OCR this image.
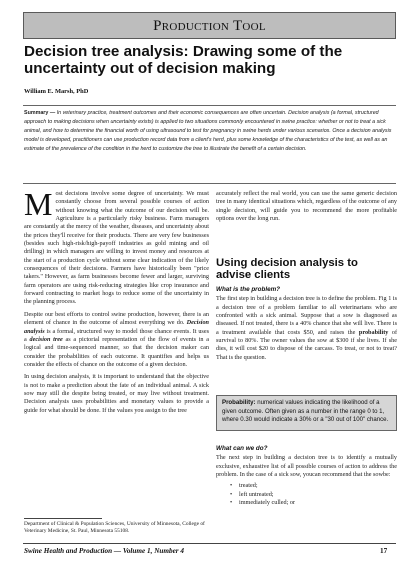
Production Tool
Decision tree analysis: Drawing some of the uncertainty out of decision making
William E. Marsh, PhD
Summary — In veterinary practice, treatment outcomes and their economic consequences are often uncertain. Decision analysis (a formal, structured approach to making decisions when uncertainty exists) is applied to two situations commonly encountered in swine practice: whether or not to treat a sick animal, and how to determine the financial worth of using ultrasound to test for pregnancy in swine herds under various scenarios. Once a decision analysis model is developed, practitioners can use production record data from a client's herd, plus some knowledge of the characteristics of the test, as well as an estimate of the prevalence of the condition in the herd to customize the tree to illustrate the benefit of a certain decision.

Most decisions involve some degree of uncertainty. We must constantly choose from several possible courses of action without knowing what the outcome of our decision will be. Agriculture is a particularly risky business. Farm managers are constantly at the mercy of the weather, diseases, and uncertainty about the prices they'll receive for their products. There are very few businesses (besides such high-risk/high-payoff industries as gold mining and oil drilling) in which managers are willing to invest money and resources at the start of a production cycle without some clear indication of the likely consequences of their decisions. Farmers have historically been "price takers." However, as farm businesses become fewer and larger, surviving farm operators are using risk-reducing strategies like crop insurance and forward contracting to market hogs to reduce some of the uncertainty in the planning process.

Despite our best efforts to control swine production, however, there is an element of chance in the outcome of almost everything we do. Decision analysis is a formal, structured way to model those chance events. It uses a decision tree as a pictorial representation of the flow of events in a logical and time-sequenced manner, so that the decision maker can consider the probabilities of each outcome. It quantifies and helps us consider the effects of chance on the outcome of a given decision.

In using decision analysis, it is important to understand that the objective is not to make a prediction about the fate of an individual animal. A sick sow may still die despite being treated, or may live without treatment. Decision analysis uses probabilities and monetary values to provide a guide for what should be done. If the values you assign to the tree

accurately reflect the real world, you can use the same generic decision tree in many identical situations which, regardless of the outcome of any single decision, will guide you to recommend the more profitable options over the long run.

Using decision analysis to advise clients
What is the problem?

The first step in building a decision tree is to define the problem. Fig 1 is a decision tree of a problem familiar to all veterinarians who are confronted with a sick animal. Suppose that a sow is diagnosed as diseased. If not treated, there is a 40% chance that she will live. There is a treatment available that costs $50, and raises the probability of survival to 80%. The owner values the sow at $300 if she lives. If she dies, it will cost $20 to dispose of the carcass. To treat, or not to treat? That is the question.

Probability: numerical values indicating the likelihood of a given outcome. Often given as a number in the range 0 to 1, where 0.30 would indicate a 30% or a "30 out of 100" chance.
What can we do?

The next step in building a decision tree is to identify a mutually exclusive, exhaustive list of all possible courses of action to address the problem. In the case of a sick sow, youcan recommend that the sowbe:

• treated;
• left untreated;
• immediately culled; or
Department of Clinical & Population Sciences, University of Minnesota, College of Veterinary Medicine, St. Paul, Minnesota 55108.
Swine Health and Production — Volume 1, Number 4	17
